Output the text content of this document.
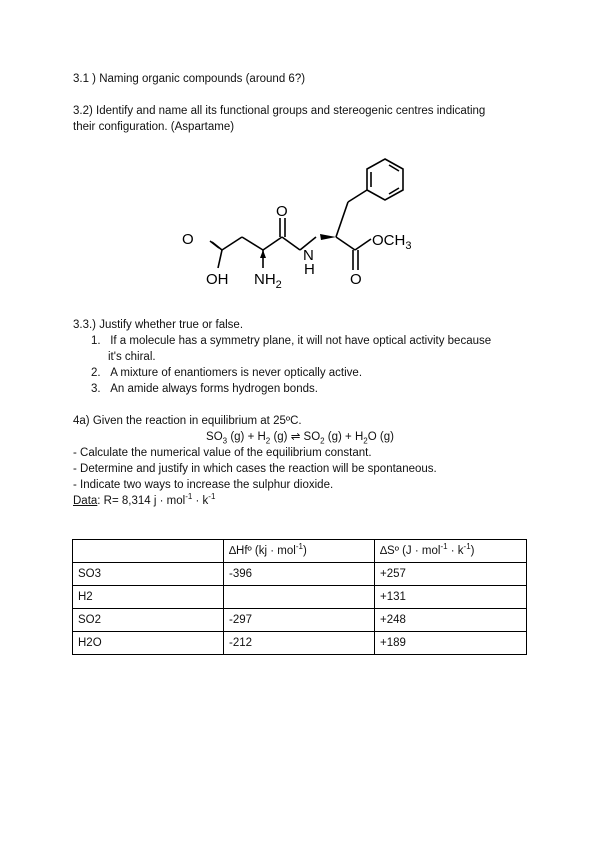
3.1 ) Naming organic compounds (around 6?)
3.2) Identify and name all its functional groups and stereogenic centres indicating
their configuration. (Aspartame)
O
OH $NH_2$
O
N
H
$OCH_3$
O
3.3.) Justify whether true or false.
1. If a molecule has a symmetry plane, it will not have optical activity because
it's chiral.
2. A mixture of enantiomers is never optically active.
3. An amide always forms hydrogen bonds.
4a) Given the reaction in equilibrium at 25ºC.
$SO_3$ $(g) + H_2$ (g) ⇌ $SO_2$ $(g) + H_2O$ (g)
- Calculate the numerical value of the equilibrium constant.
- Determine and justify in which cases the reaction will be spontaneous.
- Indicate two ways to increase the sulphur dioxide.
Data: R= 8,314 $j \cdot mol^{-1} \cdot k^{-1}$
	∆Hfº (kj · mol$^{-1}$)	∆Sº $(J \cdot mol^{-1} \cdot k^{-1})$
SO3	-396	+257
H2		+131
SO2	-297	+248
H2O	-212	+189
